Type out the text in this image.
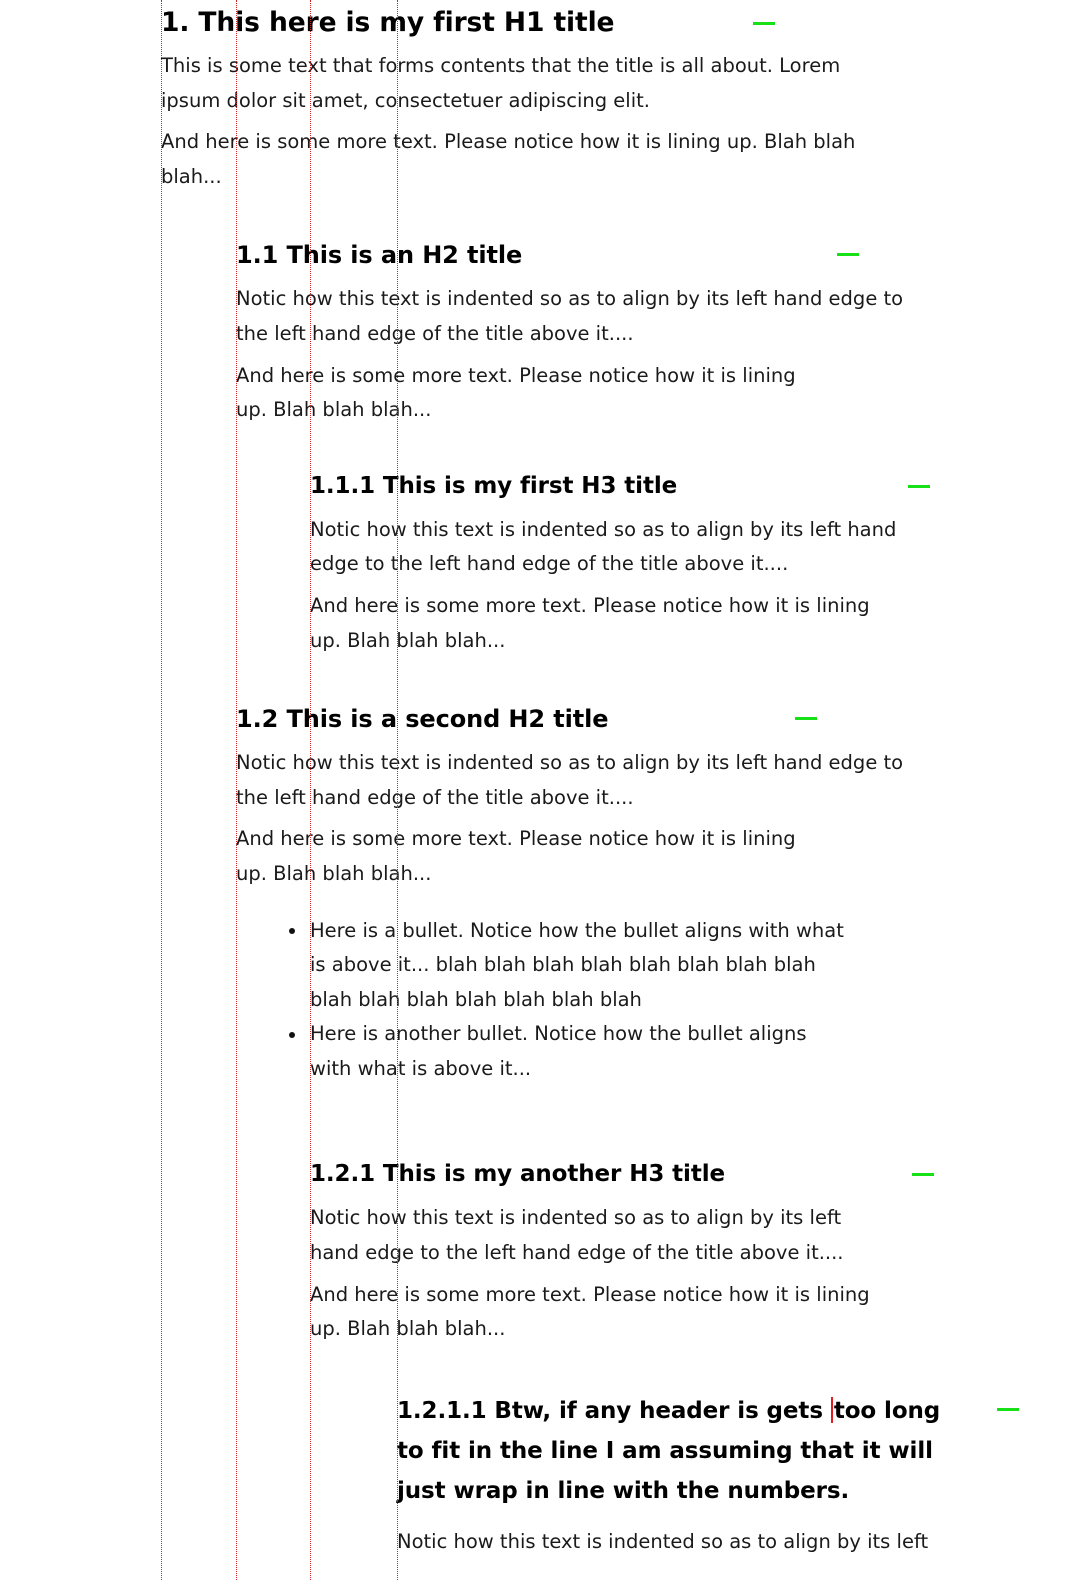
1. This here is my first H1 title

This is some text that forms contents that the title is all about. Lorem ipsum dolor sit amet, consectetuer adipiscing elit.

And here is some more text. Please notice how it is lining up. Blah blah blah...

1.1 This is an H2 title

Notic how this text is indented so as to align by its left hand edge to the left hand edge of the title above it....

And here is some more text. Please notice how it is lining up. Blah blah blah...

1.1.1 This is my first H3 title

Notic how this text is indented so as to align by its left hand edge to the left hand edge of the title above it....

And here is some more text. Please notice how it is lining up. Blah blah blah...

1.2 This is a second H2 title

Notic how this text is indented so as to align by its left hand edge to the left hand edge of the title above it....

And here is some more text. Please notice how it is lining up. Blah blah blah...

Here is a bullet. Notice how the bullet aligns with what is above it... blah blah blah blah blah blah blah blah blah blah blah blah blah blah blah
Here is another bullet. Notice how the bullet aligns with what is above it...
1.2.1 This is my another H3 title

Notic how this text is indented so as to align by its left hand edge to the left hand edge of the title above it....

And here is some more text. Please notice how it is lining up. Blah blah blah...

1.2.1.1 Btw, if any header is gets too long to fit in the line I am assuming that it will just wrap in line with the numbers.

Notic how this text is indented so as to align by its left
